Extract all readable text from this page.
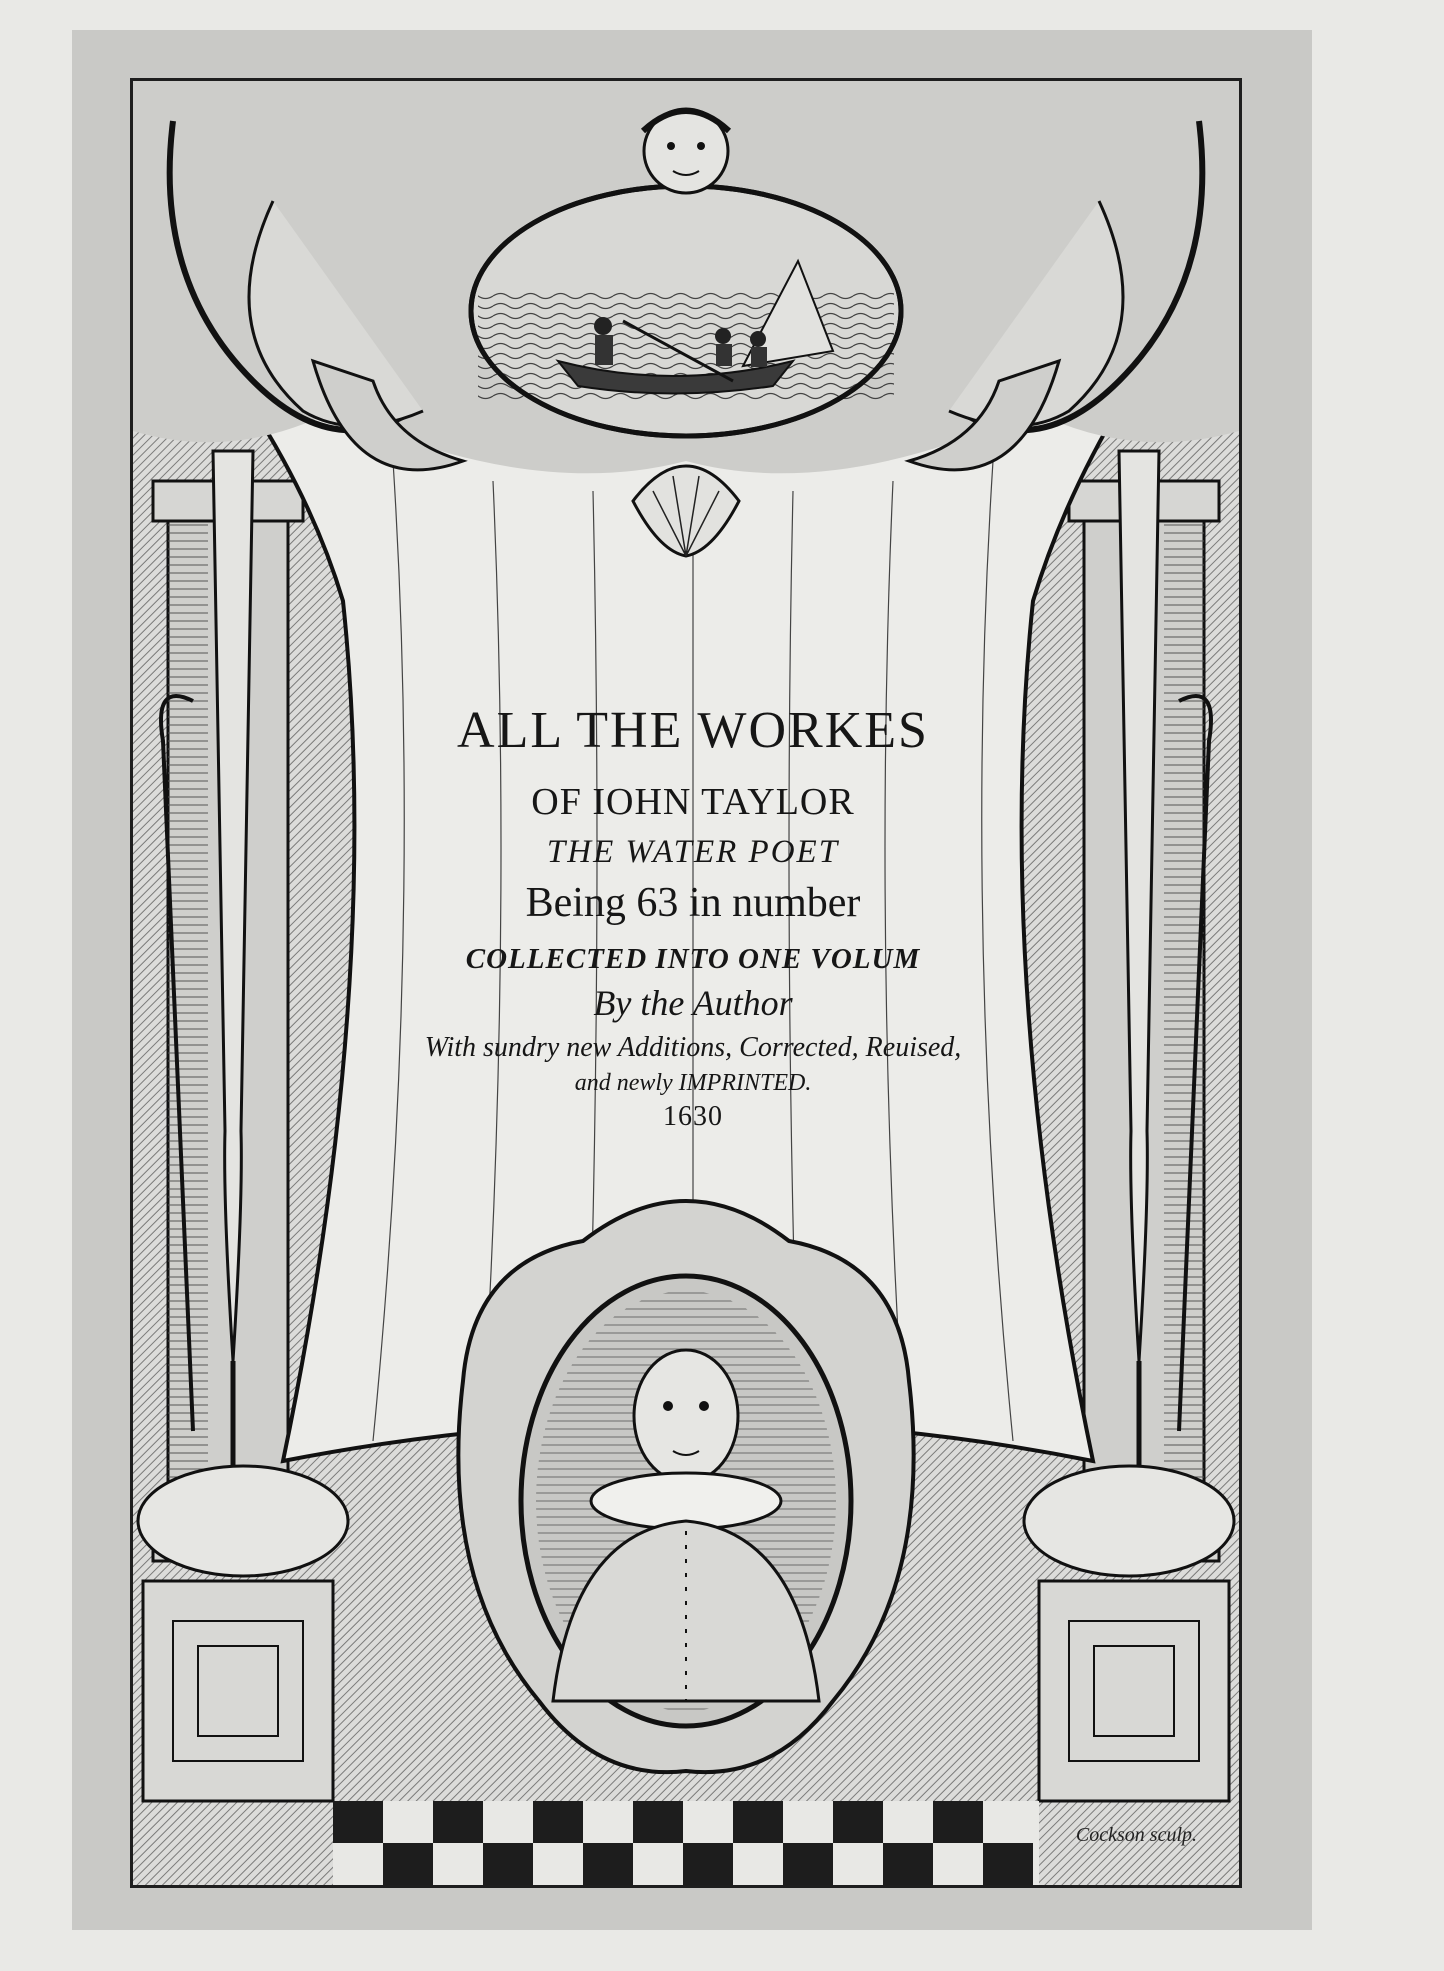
ALL THE WORKES
OF IOHN TAYLOR
THE WATER POET
Being 63 in number
COLLECTED INTO ONE VOLUM
By the Author
With sundry new Additions, Corrected, Reuised,
and newly IMPRINTED.
1630
Cockson sculp.
